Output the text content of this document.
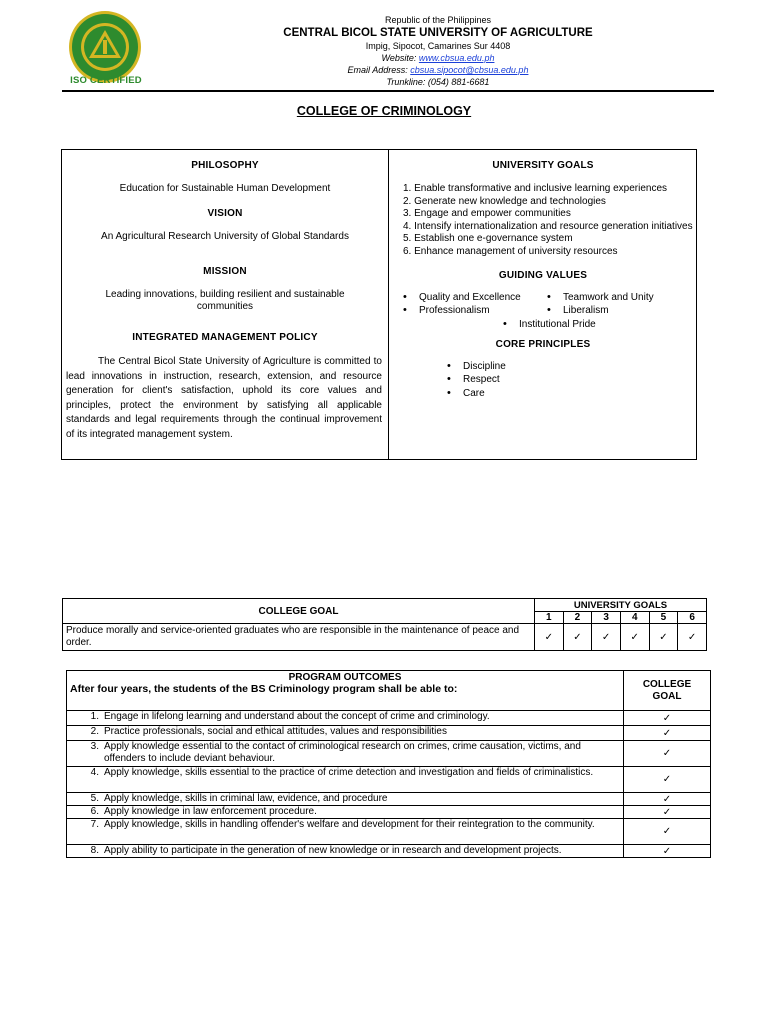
ISO CERTIFIED
Republic of the Philippines
CENTRAL BICOL STATE UNIVERSITY OF AGRICULTURE
Impig, Sipocot, Camarines Sur 4408
Website: www.cbsua.edu.ph
Email Address: cbsua.sipocot@cbsua.edu.ph
Trunkline: (054) 881-6681
COLLEGE OF CRIMINOLOGY
PHILOSOPHY
Education for Sustainable Human Development
VISION
An Agricultural Research University of Global Standards
MISSION
Leading innovations, building resilient and sustainable communities
INTEGRATED MANAGEMENT POLICY
The Central Bicol State University of Agriculture is committed to lead innovations in instruction, research, extension, and resource generation for client's satisfaction, uphold its core values and principles, protect the environment by satisfying all applicable standards and legal requirements through the continual improvement of its integrated management system.
UNIVERSITY GOALS
1. Enable transformative and inclusive learning experiences
2. Generate new knowledge and technologies
3. Engage and empower communities
4. Intensify internationalization and resource generation initiatives
5. Establish one e-governance system
6. Enhance management of university resources
GUIDING VALUES
• Quality and Excellence
• Professionalism
• Teamwork and Unity
• Liberalism
• Institutional Pride
CORE PRINCIPLES
• Discipline
• Respect
• Care
COLLEGE GOAL	UNIVERSITY GOALS					
	1	2	3	4	5	6
Produce morally and service-oriented graduates who are responsible in the maintenance of peace and order.	✓	✓	✓	✓	✓	✓
PROGRAM OUTCOMES
After four years, the students of the BS Criminology program shall be able to:	COLLEGE GOAL

1. Engage in lifelong learning and understand about the concept of crime and criminology.	✓

2. Practice professionals, social and ethical attitudes, values and responsibilities	✓

3. Apply knowledge essential to the contact of criminological research on crimes, crime causation, victims, and offenders to include deviant behaviour.	✓

4. Apply knowledge, skills essential to the practice of crime detection and investigation and fields of criminalistics.	✓

5. Apply knowledge, skills in criminal law, evidence, and procedure	✓

6. Apply knowledge in law enforcement procedure.	✓

7. Apply knowledge, skills in handling offender's welfare and development for their reintegration to the community.	✓

8. Apply ability to participate in the generation of new knowledge or in research and development projects.	✓
